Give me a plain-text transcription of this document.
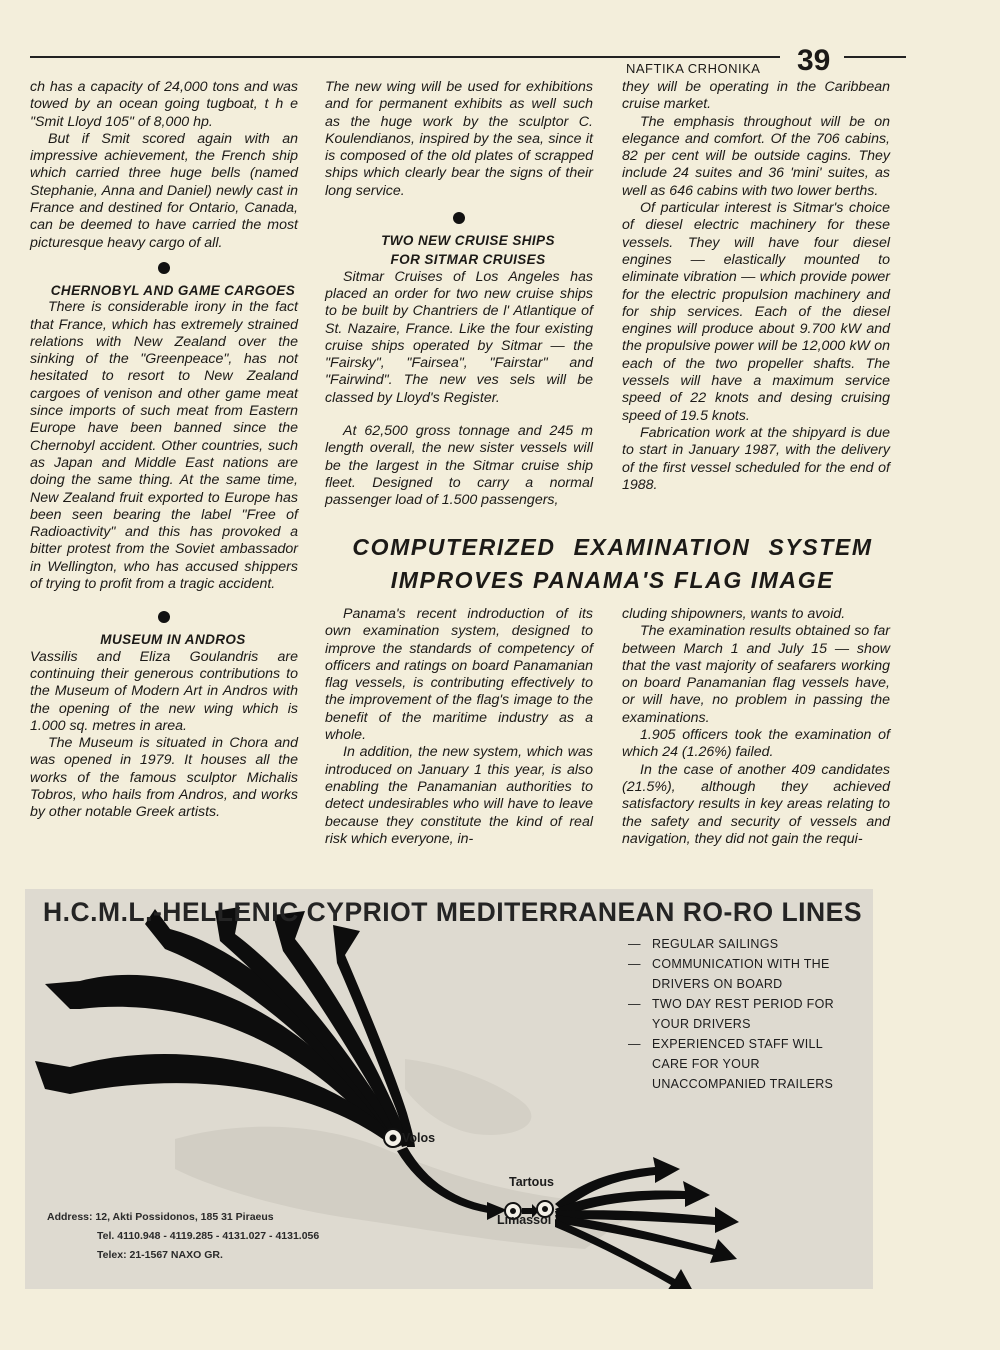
NAFTIKA CRHONIKA 39

ch has a capacity of 24,000 tons and was towed by an ocean going tugboat, t h e "Smit Lloyd 105" of 8,000 hp.

But if Smit scored again with an impressive achievement, the French ship which carried three huge bells (named Stephanie, Anna and Daniel) newly cast in France and destined for Ontario, Canada, can be deemed to have carried the most picturesque heavy cargo of all.

CHERNOBYL AND GAME CARGOES

There is considerable irony in the fact that France, which has extremely strained relations with New Zealand over the sinking of the "Greenpeace", has not hesitated to resort to New Zealand cargoes of venison and other game meat since imports of such meat from Eastern Europe have been banned since the Chernobyl accident. Other countries, such as Japan and Middle East nations are doing the same thing. At the same time, New Zealand fruit exported to Europe has been seen bearing the label "Free of Radioactivity" and this has provoked a bitter protest from the Soviet ambassador in Wellington, who has accused shippers of trying to profit from a tragic accident.

MUSEUM IN ANDROS

Vassilis and Eliza Goulandris are continuing their generous contributions to the Museum of Modern Art in Andros with the opening of the new wing which is 1.000 sq. metres in area.

The Museum is situated in Chora and was opened in 1979. It houses all the works of the famous sculptor Michalis Tobros, who hails from Andros, and works by other notable Greek artists.

The new wing will be used for exhibitions and for permanent exhibits as well such as the huge work by the sculptor C. Koulendianos, inspired by the sea, since it is composed of the old plates of scrapped ships which clearly bear the signs of their long service.

TWO NEW CRUISE SHIPS

FOR SITMAR CRUISES

Sitmar Cruises of Los Angeles has placed an order for two new cruise ships to be built by Chantriers de l' Atlantique of St. Nazaire, France. Like the four existing cruise ships operated by Sitmar — the "Fairsky", "Fairsea", "Fairstar" and "Fairwind". The new ves sels will be classed by Lloyd's Register.

At 62,500 gross tonnage and 245 m length overall, the new sister vessels will be the largest in the Sitmar cruise ship fleet. Designed to carry a normal passenger load of 1.500 passengers,

they will be operating in the Caribbean cruise market.

The emphasis throughout will be on elegance and comfort. Of the 706 cabins, 82 per cent will be outside cagins. They include 24 suites and 36 'mini' suites, as well as 646 cabins with two lower berths.

Of particular interest is Sitmar's choice of diesel electric machinery for these vessels. They will have four diesel engines — elastically mounted to eliminate vibration — which provide power for the electric propulsion machinery and for ship services. Each of the diesel engines will produce about 9.700 kW and the propulsive power will be 12,000 kW on each of the two propeller shafts. The vessels will have a maximum service speed of 22 knots and desing cruising speed of 19.5 knots.

Fabrication work at the shipyard is due to start in January 1987, with the delivery of the first vessel scheduled for the end of 1988.

COMPUTERIZED EXAMINATION SYSTEM
IMPROVES PANAMA'S FLAG IMAGE

Panama's recent indroduction of its own examination system, designed to improve the standards of competency of officers and ratings on board Panamanian flag vessels, is contributing effectively to the improvement of the flag's image to the benefit of the maritime industry as a whole.

In addition, the new system, which was introduced on January 1 this year, is also enabling the Panamanian authorities to detect undesirables who will have to leave because they constitute the kind of real risk which everyone, in-

cluding shipowners, wants to avoid.

The examination results obtained so far between March 1 and July 15 — show that the vast majority of seafarers working on board Panamanian flag vessels have, or will have, no problem in passing the examinations.

1.905 officers took the examination of which 24 (1.26%) failed.

In the case of another 409 candidates (21.5%), although they achieved satisfactory results in key areas relating to the safety and security of vessels and navigation, they did not gain the requi-

H.C.M.L.-HELLENIC CYPRIOT MEDITERRANEAN RO-RO LINES
— REGULAR SAILINGS
— COMMUNICATION WITH THE DRIVERS ON BOARD
— TWO DAY REST PERIOD FOR YOUR DRIVERS
— EXPERIENCED STAFF WILL CARE FOR YOUR UNACCOMPANIED TRAILERS
Volos
Tartous
Limassol
Address: 12, Akti Possidonos, 185 31 Piraeus
Tel. 4110.948 - 4119.285 - 4131.027 - 4131.056
Telex: 21-1567 NAXO GR.
